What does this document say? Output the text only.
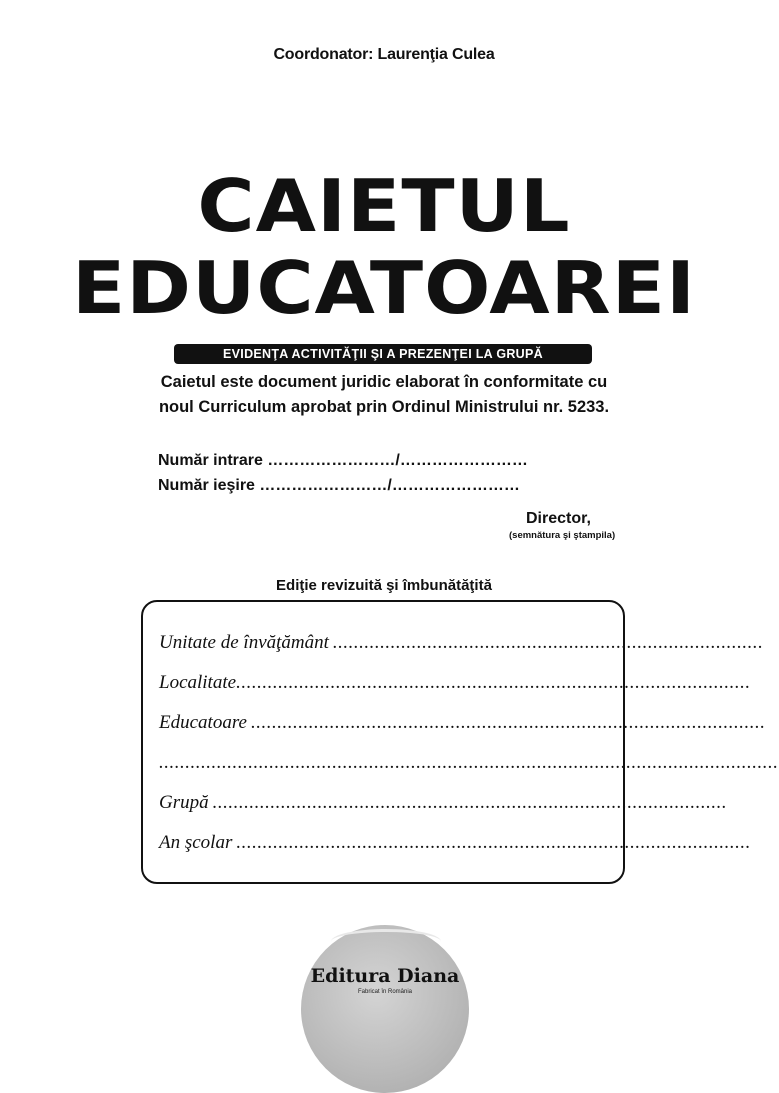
Coordonator: Laurenţia Culea
CAIETUL
EDUCATOAREI
EVIDENŢA ACTIVITĂŢII ŞI A PREZENŢEI LA GRUPĂ
Caietul este document juridic elaborat în conformitate cu
noul Curriculum aprobat prin Ordinul Ministrului nr. 5233.
Număr intrare ……………………/……………………
Număr ieşire ……………………/……………………
Director,
(semnătura şi ştampila)
Ediţie revizuită şi îmbunătăţită
Unitate de învăţământ ..................................................................................
Localitate..................................................................................................
Educatoare ..................................................................................................
......................................................................................................................
Grupă ..................................................................................................
An şcolar ..................................................................................................
Editura Diana
Fabricat în România
